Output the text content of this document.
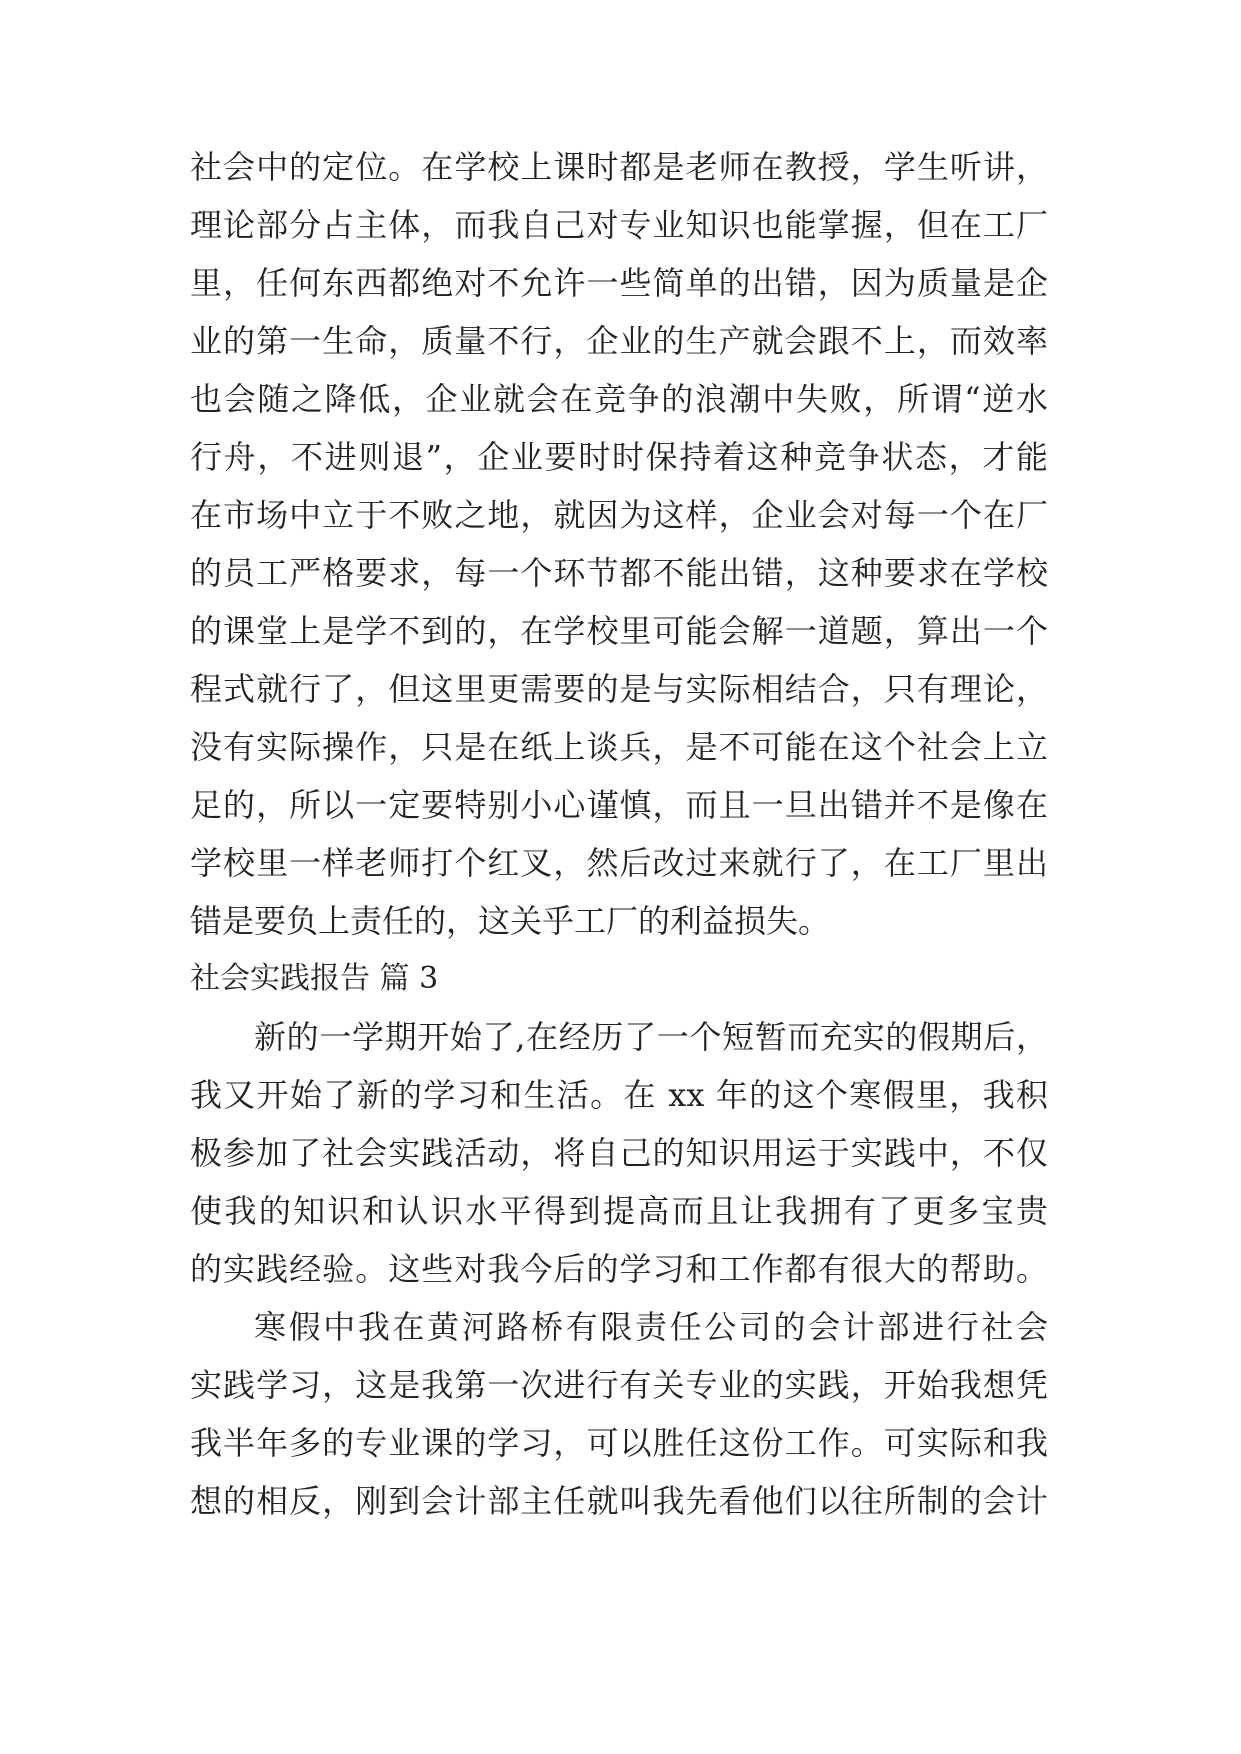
社会中的定位。在学校上课时都是老师在教授，学生听讲，
理论部分占主体，而我自己对专业知识也能掌握，但在工厂
里，任何东西都绝对不允许一些简单的出错，因为质量是企
业的第一生命，质量不行，企业的生产就会跟不上，而效率
也会随之降低，企业就会在竞争的浪潮中失败，所谓“逆水
行舟，不进则退”，企业要时时保持着这种竞争状态，才能
在市场中立于不败之地，就因为这样，企业会对每一个在厂
的员工严格要求，每一个环节都不能出错，这种要求在学校
的课堂上是学不到的，在学校里可能会解一道题，算出一个
程式就行了，但这里更需要的是与实际相结合，只有理论，
没有实际操作，只是在纸上谈兵，是不可能在这个社会上立
足的，所以一定要特别小心谨慎，而且一旦出错并不是像在
学校里一样老师打个红叉，然后改过来就行了，在工厂里出
错是要负上责任的，这关乎工厂的利益损失。
社会实践报告 篇 3
新的一学期开始了,在经历了一个短暂而充实的假期后，
我又开始了新的学习和生活。在 xx 年的这个寒假里，我积
极参加了社会实践活动，将自己的知识用运于实践中，不仅
使我的知识和认识水平得到提高而且让我拥有了更多宝贵
的实践经验。这些对我今后的学习和工作都有很大的帮助。
寒假中我在黄河路桥有限责任公司的会计部进行社会
实践学习，这是我第一次进行有关专业的实践，开始我想凭
我半年多的专业课的学习，可以胜任这份工作。可实际和我
想的相反，刚到会计部主任就叫我先看他们以往所制的会计
